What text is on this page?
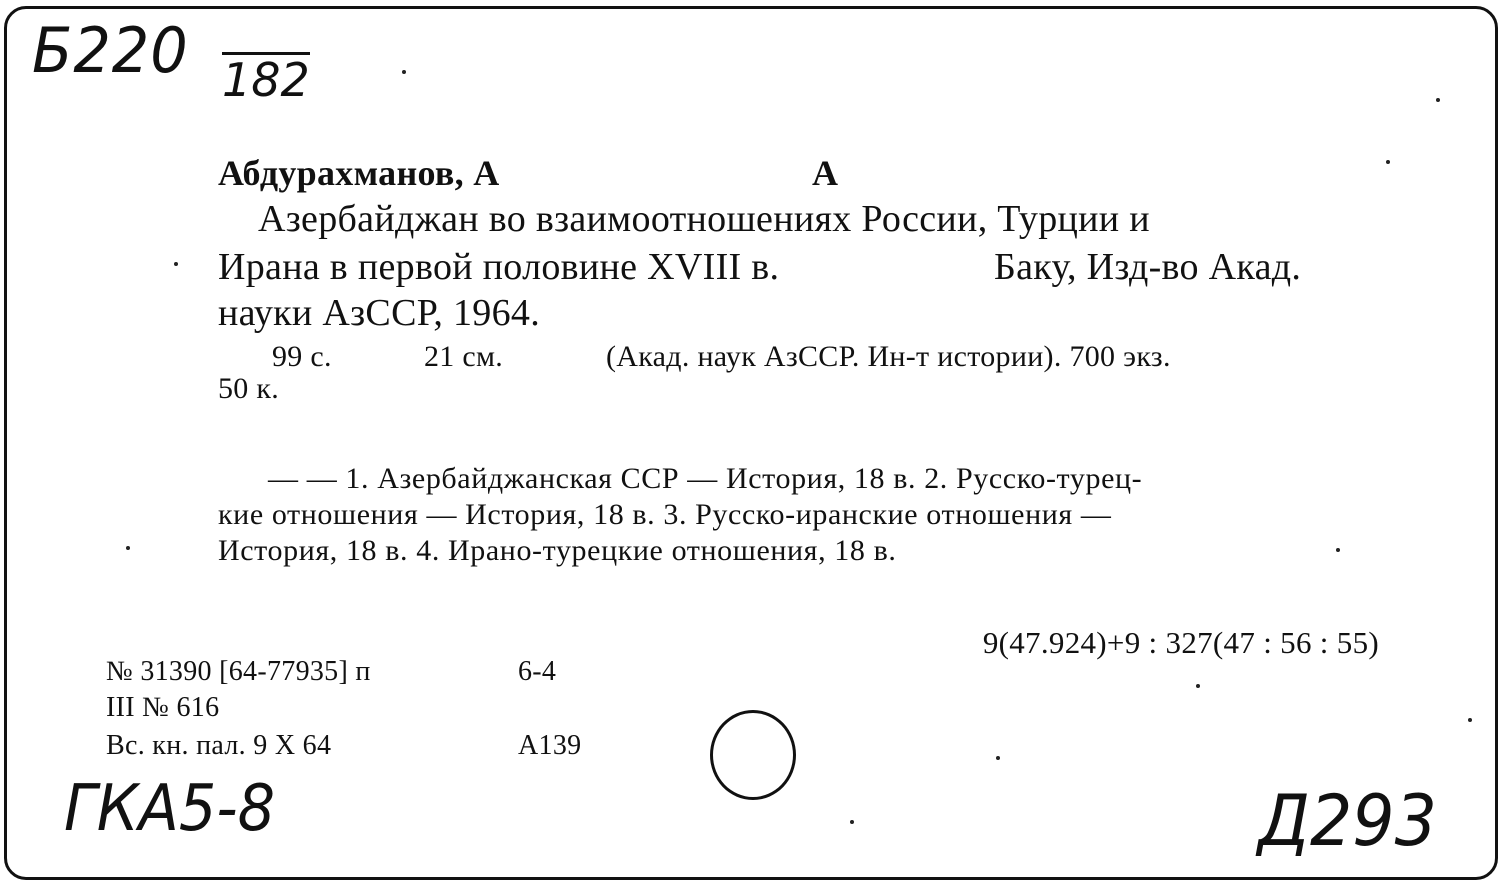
Б220 182
Абдурахманов, А	А
Азербайджан во взаимоотношениях России, Турции и
Ирана в первой половине XVIII в.	Баку, Изд-во Акад.
науки АзССР, 1964.
99 с.	21 см.	(Акад. наук АзССР. Ин-т истории). 700 экз.
50 к.
— — 1. Азербайджанская ССР — История, 18 в. 2. Русско-турец-
кие отношения — История, 18 в. 3. Русско-иранские отношения —
История, 18 в. 4. Ирано-турецкие отношения, 18 в.
9(47.924)+9 : 327(47 : 56 : 55)
№ 31390 [64-77935] п	6-4
III № 616
Вс. кн. пал. 9 X 64	А139
ГКА5-8	Д293
